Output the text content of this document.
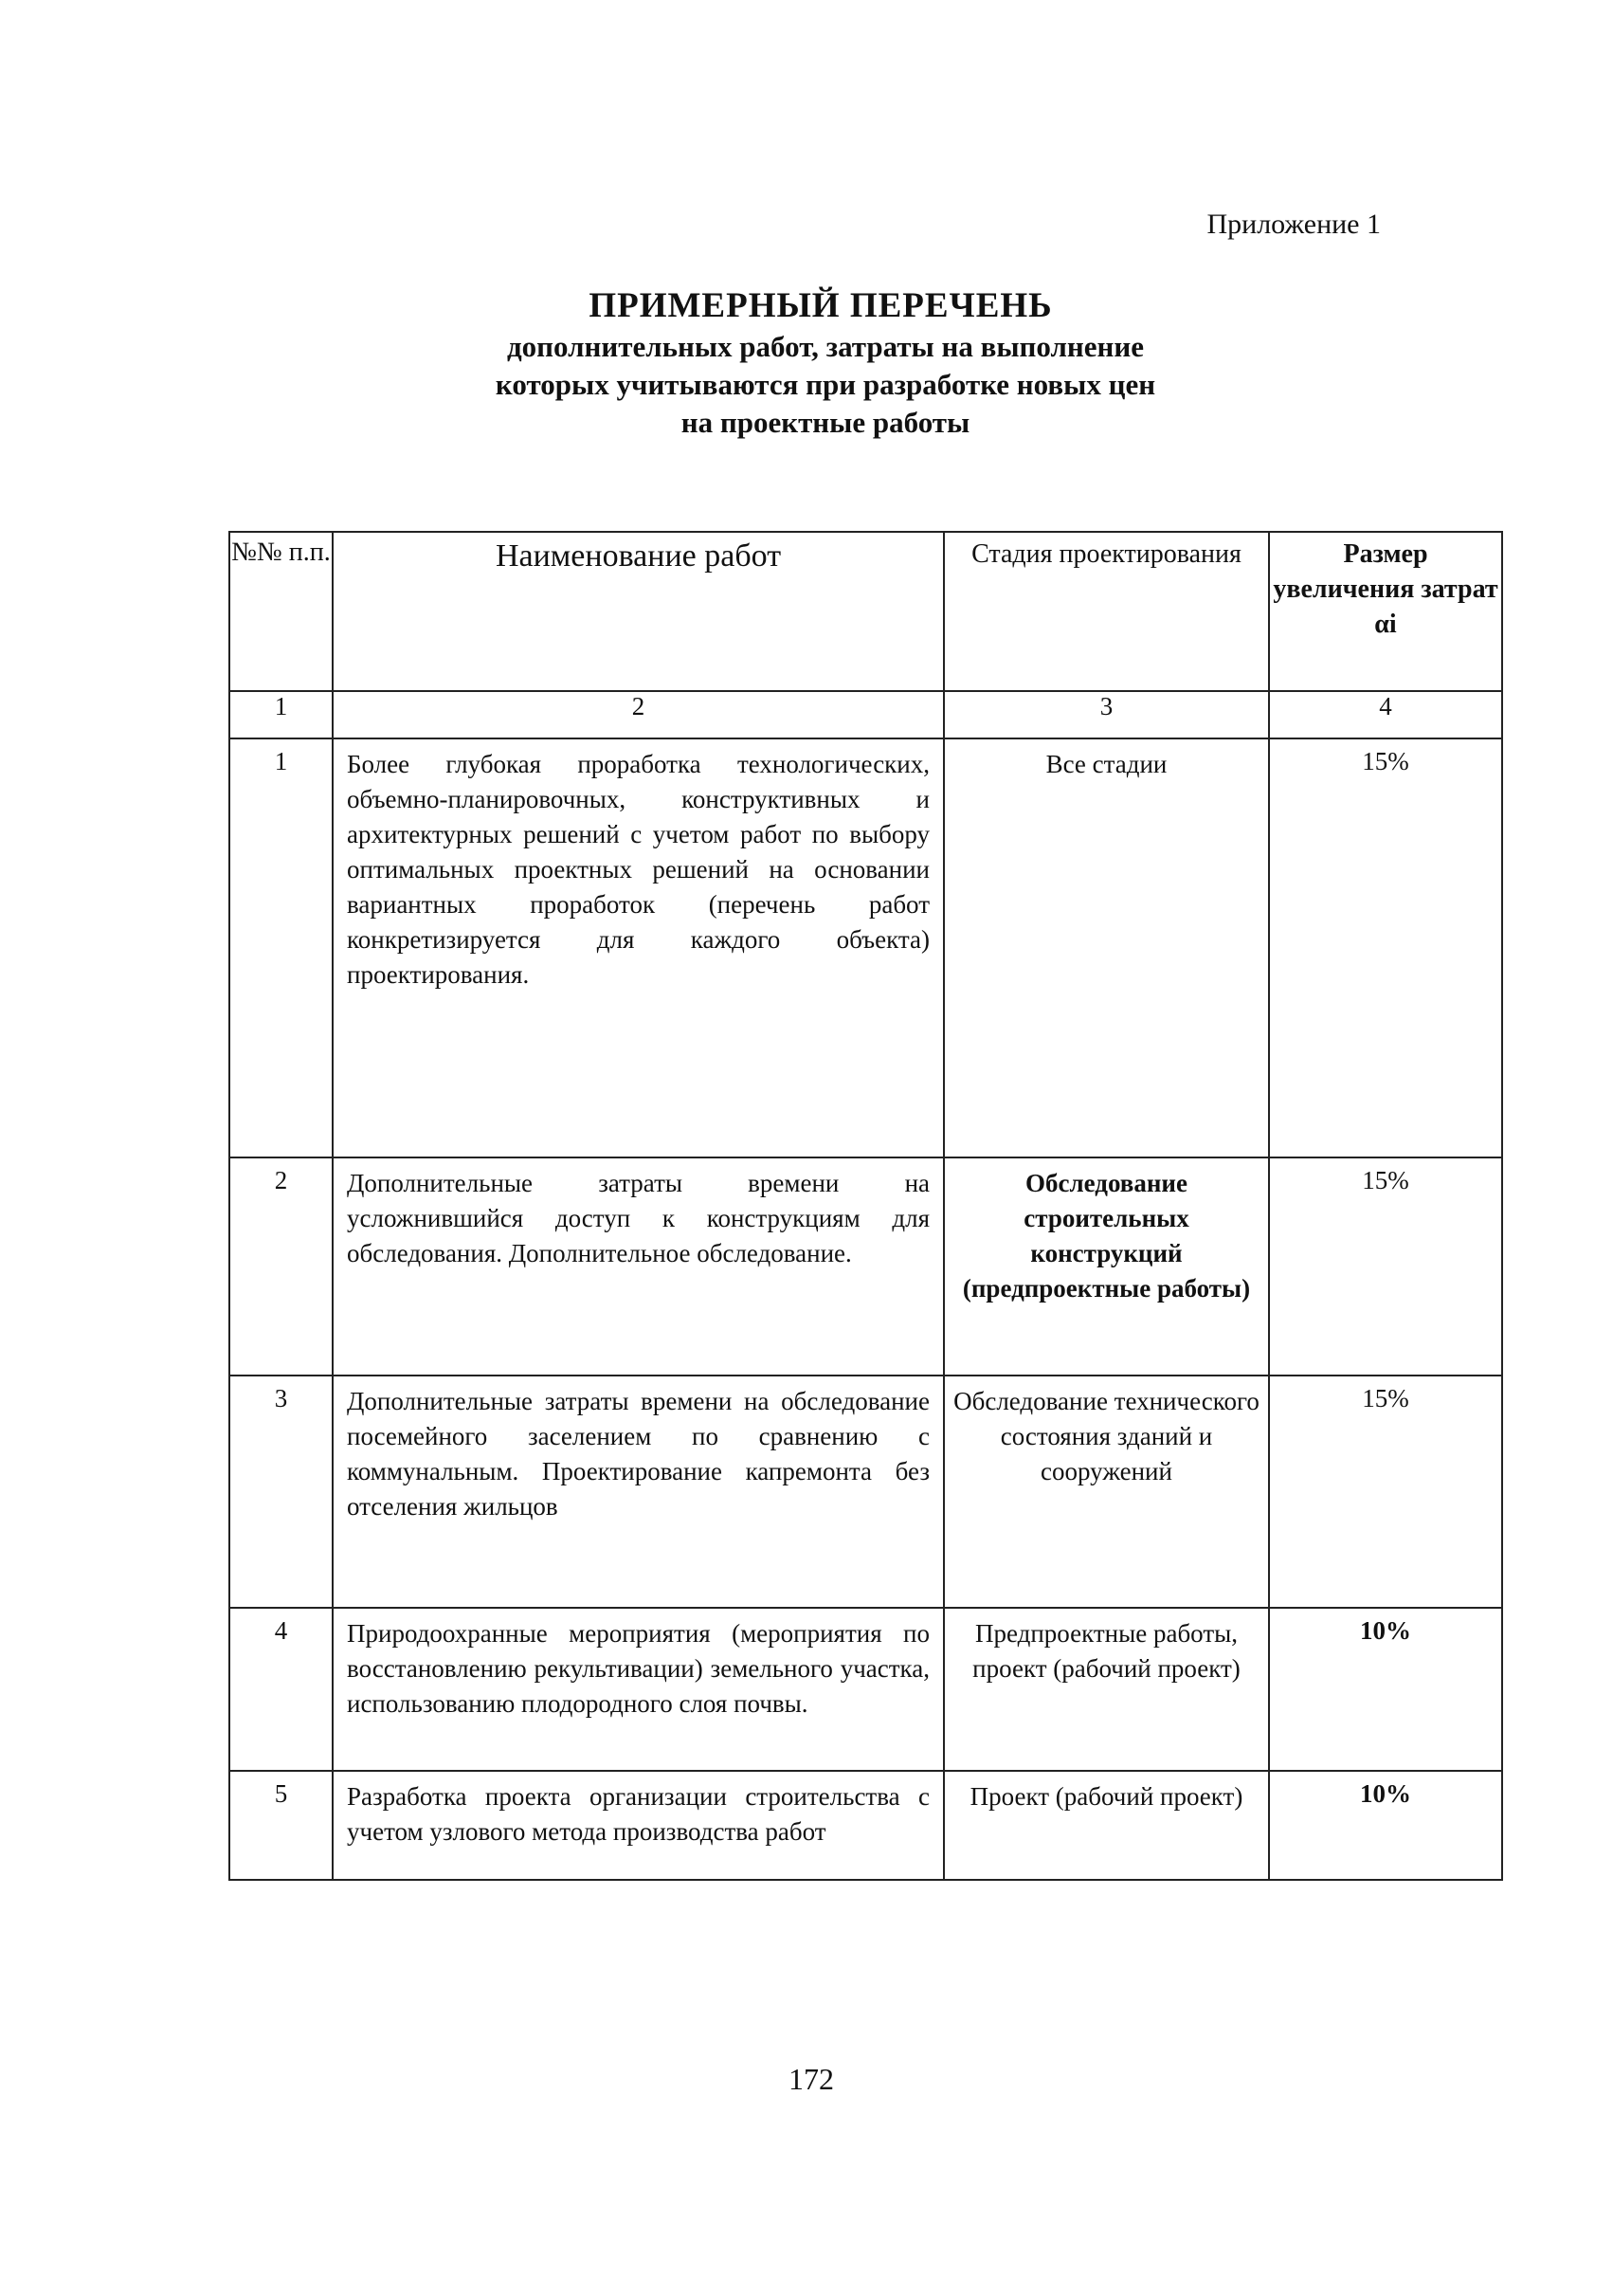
Приложение 1
ПРИМЕРНЫЙ ПЕРЕЧЕНЬ
дополнительных работ, затраты на выполнение
которых учитываются при разработке новых цен
на проектные работы
№№ п.п.	Наименование работ	Стадия проектирования	Размер увеличения затрат αi
1	2	3	4
1	Более глубокая проработка технологических, объемно-планировочных, конструктивных и архитектурных решений с учетом работ по выбору оптимальных проектных решений на основании вариантных проработок (перечень работ конкретизируется для каждого объекта) проектирования.	Все стадии	15%
2	Дополнительные затраты времени на усложнившийся доступ к конструкциям для обследования. Дополнительное обследование.	Обследование строительных конструкций (предпроектные работы)	15%
3	Дополнительные затраты времени на обследование посемейного заселением по сравнению с коммунальным. Проектирование капремонта без отселения жильцов	Обследование технического состояния зданий и сооружений	15%
4	Природоохранные мероприятия (мероприятия по восстановлению рекультивации) земельного участка, использованию плодородного слоя почвы.	Предпроектные работы, проект (рабочий проект)	10%
5	Разработка проекта организации строительства с учетом узлового метода производства работ	Проект (рабочий проект)	10%
172
